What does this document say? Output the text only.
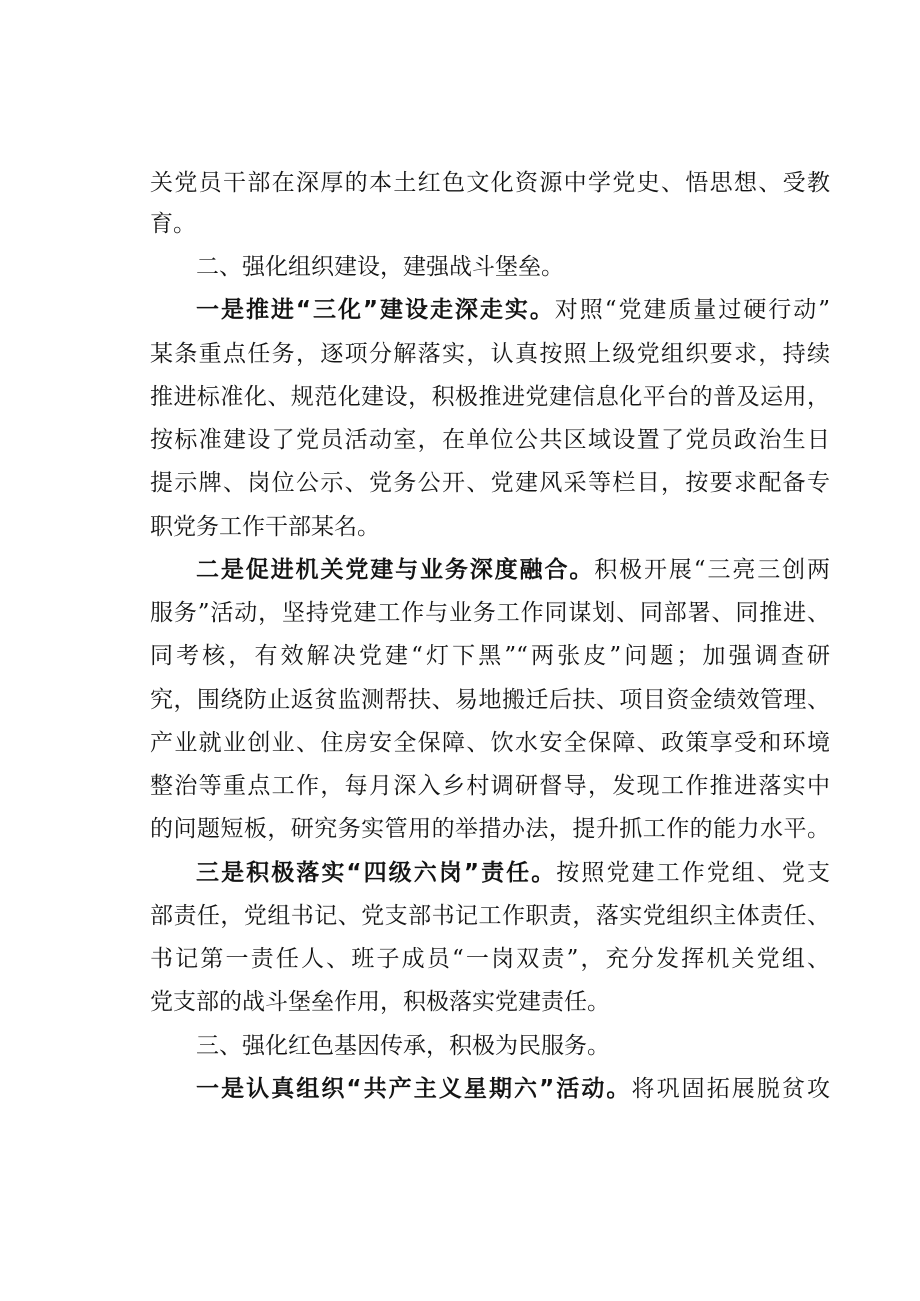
关党员干部在深厚的本土红色文化资源中学党史、悟思想、受教
育。
二、强化组织建设，建强战斗堡垒。
一是推进“三化”建设走深走实。对照“党建质量过硬行动”
某条重点任务，逐项分解落实，认真按照上级党组织要求，持续
推进标准化、规范化建设，积极推进党建信息化平台的普及运用，
按标准建设了党员活动室，在单位公共区域设置了党员政治生日
提示牌、岗位公示、党务公开、党建风采等栏目，按要求配备专
职党务工作干部某名。
二是促进机关党建与业务深度融合。积极开展“三亮三创两
服务”活动，坚持党建工作与业务工作同谋划、同部署、同推进、
同考核，有效解决党建“灯下黑”“两张皮”问题；加强调查研
究，围绕防止返贫监测帮扶、易地搬迁后扶、项目资金绩效管理、
产业就业创业、住房安全保障、饮水安全保障、政策享受和环境
整治等重点工作，每月深入乡村调研督导，发现工作推进落实中
的问题短板，研究务实管用的举措办法，提升抓工作的能力水平。
三是积极落实“四级六岗”责任。按照党建工作党组、党支
部责任，党组书记、党支部书记工作职责，落实党组织主体责任、
书记第一责任人、班子成员“一岗双责”，充分发挥机关党组、
党支部的战斗堡垒作用，积极落实党建责任。
三、强化红色基因传承，积极为民服务。
一是认真组织“共产主义星期六”活动。将巩固拓展脱贫攻
